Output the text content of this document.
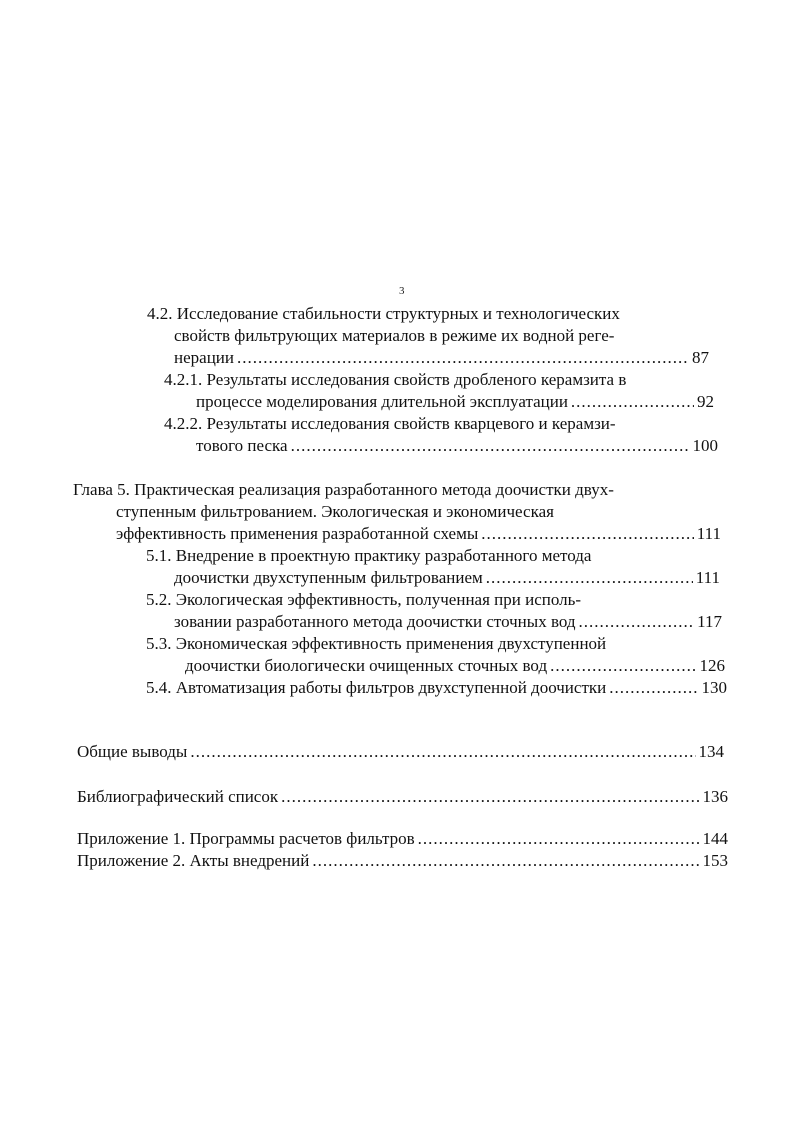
3
4.2. Исследование стабильности структурных и технологических
свойств фильтрующих материалов в режиме их водной реге-
нерации .....	87
4.2.1. Результаты исследования свойств дробленого керамзита в
процессе моделирования длительной эксплуатации .....	92
4.2.2. Результаты исследования свойств кварцевого и керамзи-
тового песка .....	100
Глава 5. Практическая реализация разработанного метода доочистки двух-
ступенным фильтрованием. Экологическая и экономическая
эффективность применения разработанной схемы .....	111
5.1. Внедрение в проектную практику разработанного метода
доочистки двухступенным фильтрованием .....	111
5.2. Экологическая эффективность, полученная при исполь-
зовании разработанного метода доочистки сточных вод .....	117
5.3. Экономическая эффективность применения двухступенной
доочистки биологически очищенных сточных вод .....	126
5.4. Автоматизация работы фильтров двухступенной доочистки .....	130
Общие выводы .....	134
Библиографический список .....	136
Приложение 1. Программы расчетов фильтров .....	144
Приложение 2. Акты внедрений .....	153
